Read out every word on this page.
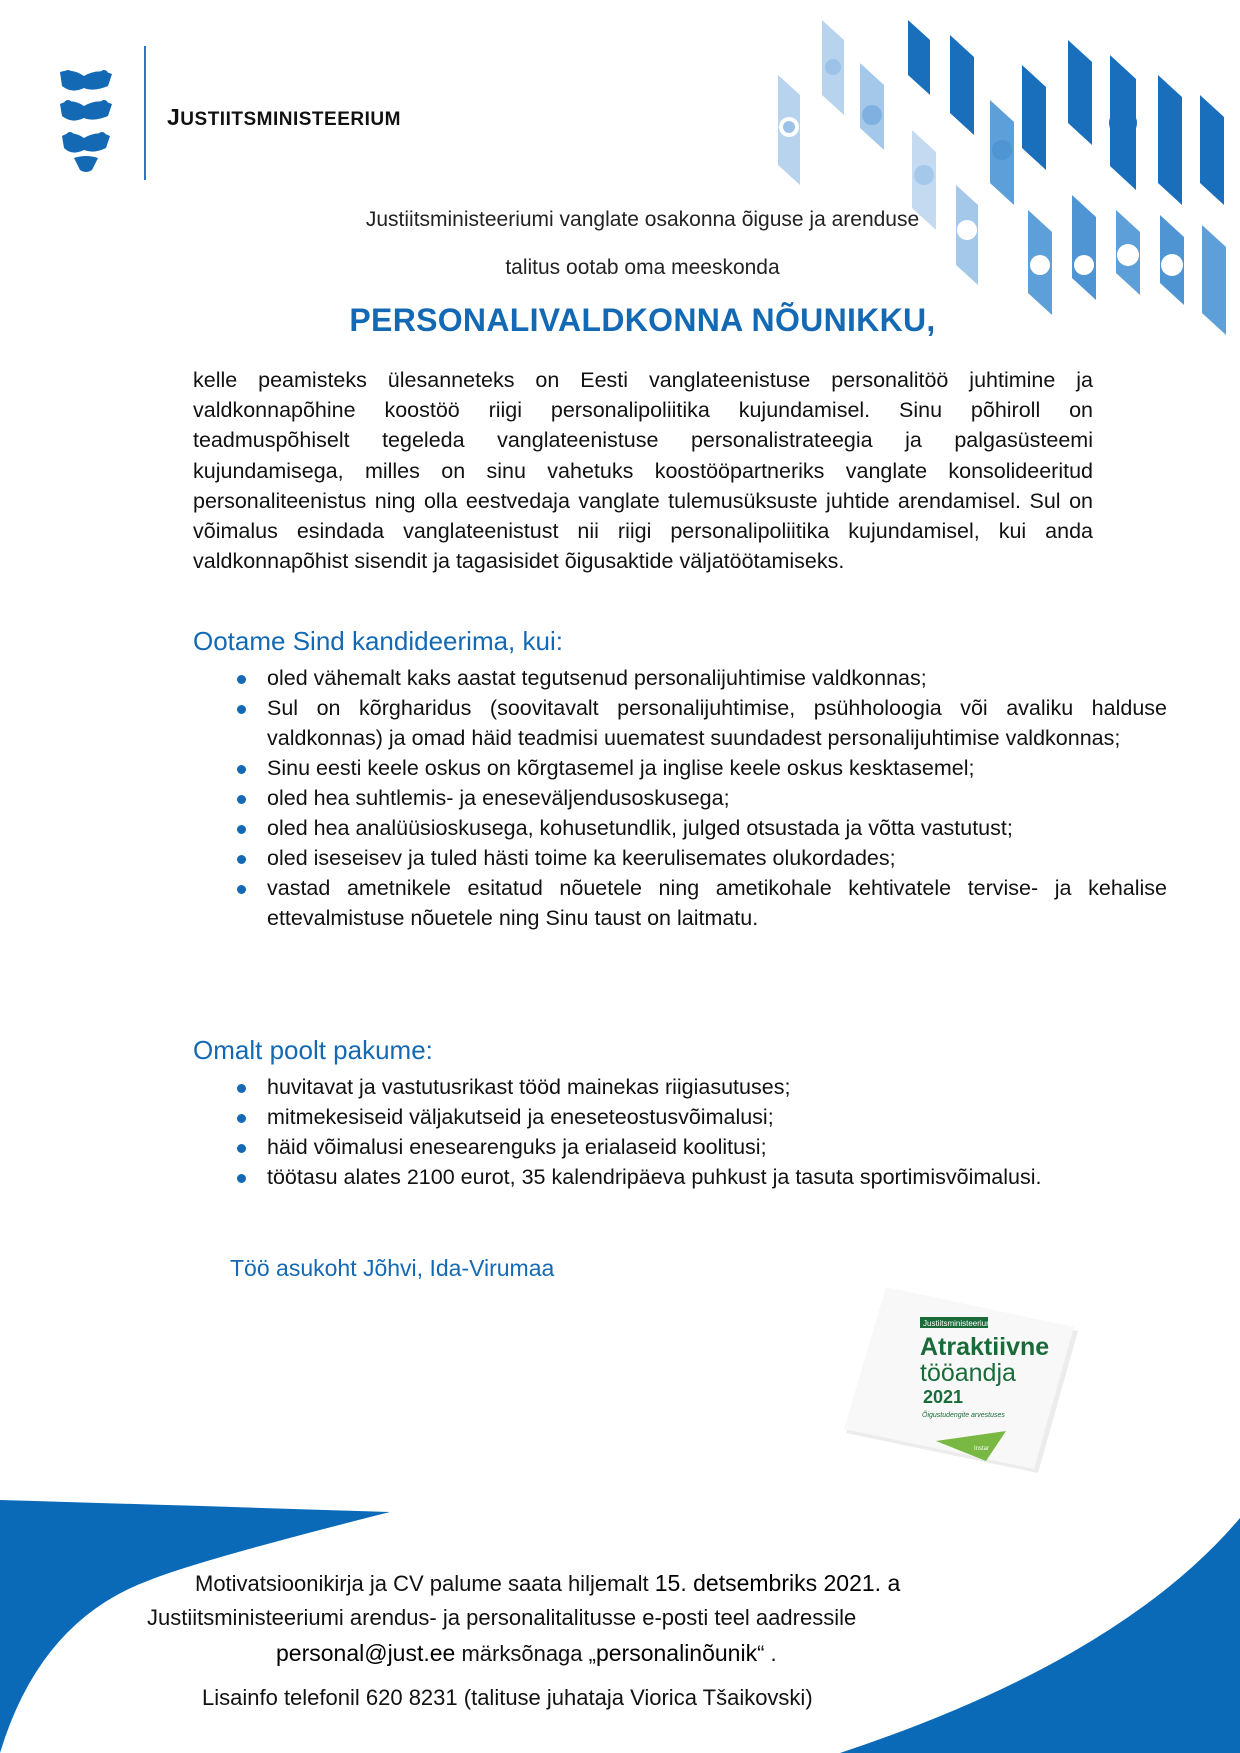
JUSTIITSMINISTEERIUM
Justiitsministeeriumi vanglate osakonna õiguse ja arenduse
talitus ootab oma meeskonda
PERSONALIVALDKONNA NÕUNIKKU,

kelle peamisteks ülesanneteks on Eesti vanglateenistuse personalitöö juhtimine ja valdkonnapõhine koostöö riigi personalipoliitika kujundamisel. Sinu põhiroll on teadmuspõhiselt tegeleda vanglateenistuse personalistrateegia ja palgasüsteemi kujundamisega, milles on sinu vahetuks koostööpartneriks vanglate konsolideeritud personaliteenistus ning olla eestvedaja vanglate tulemusüksuste juhtide arendamisel. Sul on võimalus esindada vanglateenistust nii riigi personalipoliitika kujundamisel, kui anda valdkonnapõhist sisendit ja tagasisidet õigusaktide väljatöötamiseks.

Ootame Sind kandideerima, kui:
oled vähemalt kaks aastat tegutsenud personalijuhtimise valdkonnas;
Sul on kõrgharidus (soovitavalt personalijuhtimise, psühholoogia või avaliku halduse valdkonnas) ja omad häid teadmisi uuematest suundadest personalijuhtimise valdkonnas;
Sinu eesti keele oskus on kõrgtasemel ja inglise keele oskus kesktasemel;
oled hea suhtlemis- ja eneseväljendusoskusega;
oled hea analüüsioskusega, kohusetundlik, julged otsustada ja võtta vastutust;
oled iseseisev ja tuled hästi toime ka keerulisemates olukordades;
vastad ametnikele esitatud nõuetele ning ametikohale kehtivatele tervise- ja kehalise ettevalmistuse nõuetele ning Sinu taust on laitmatu.
Omalt poolt pakume:
huvitavat ja vastutusrikast tööd mainekas riigiasutuses;
mitmekesiseid väljakutseid ja eneseteostusvõimalusi;
häid võimalusi enesearenguks ja erialaseid koolitusi;
töötasu alates 2100 eurot, 35 kalendripäeva puhkust ja tasuta sportimisvõimalusi.
Töö asukoht Jõhvi, Ida-Virumaa
Justiitsministeerium
Atraktiivne
tööandja
2021
Õigustudengite arvestuses
Instar
Motivatsioonikirja ja CV palume saata hiljemalt 15. detsembriks 2021. a
Justiitsministeeriumi arendus- ja personalitalitusse e-posti teel aadressile
personal@just.ee märksõnaga „personalinõunik“ .
Lisainfo telefonil 620 8231 (talituse juhataja Viorica Tšaikovski)
